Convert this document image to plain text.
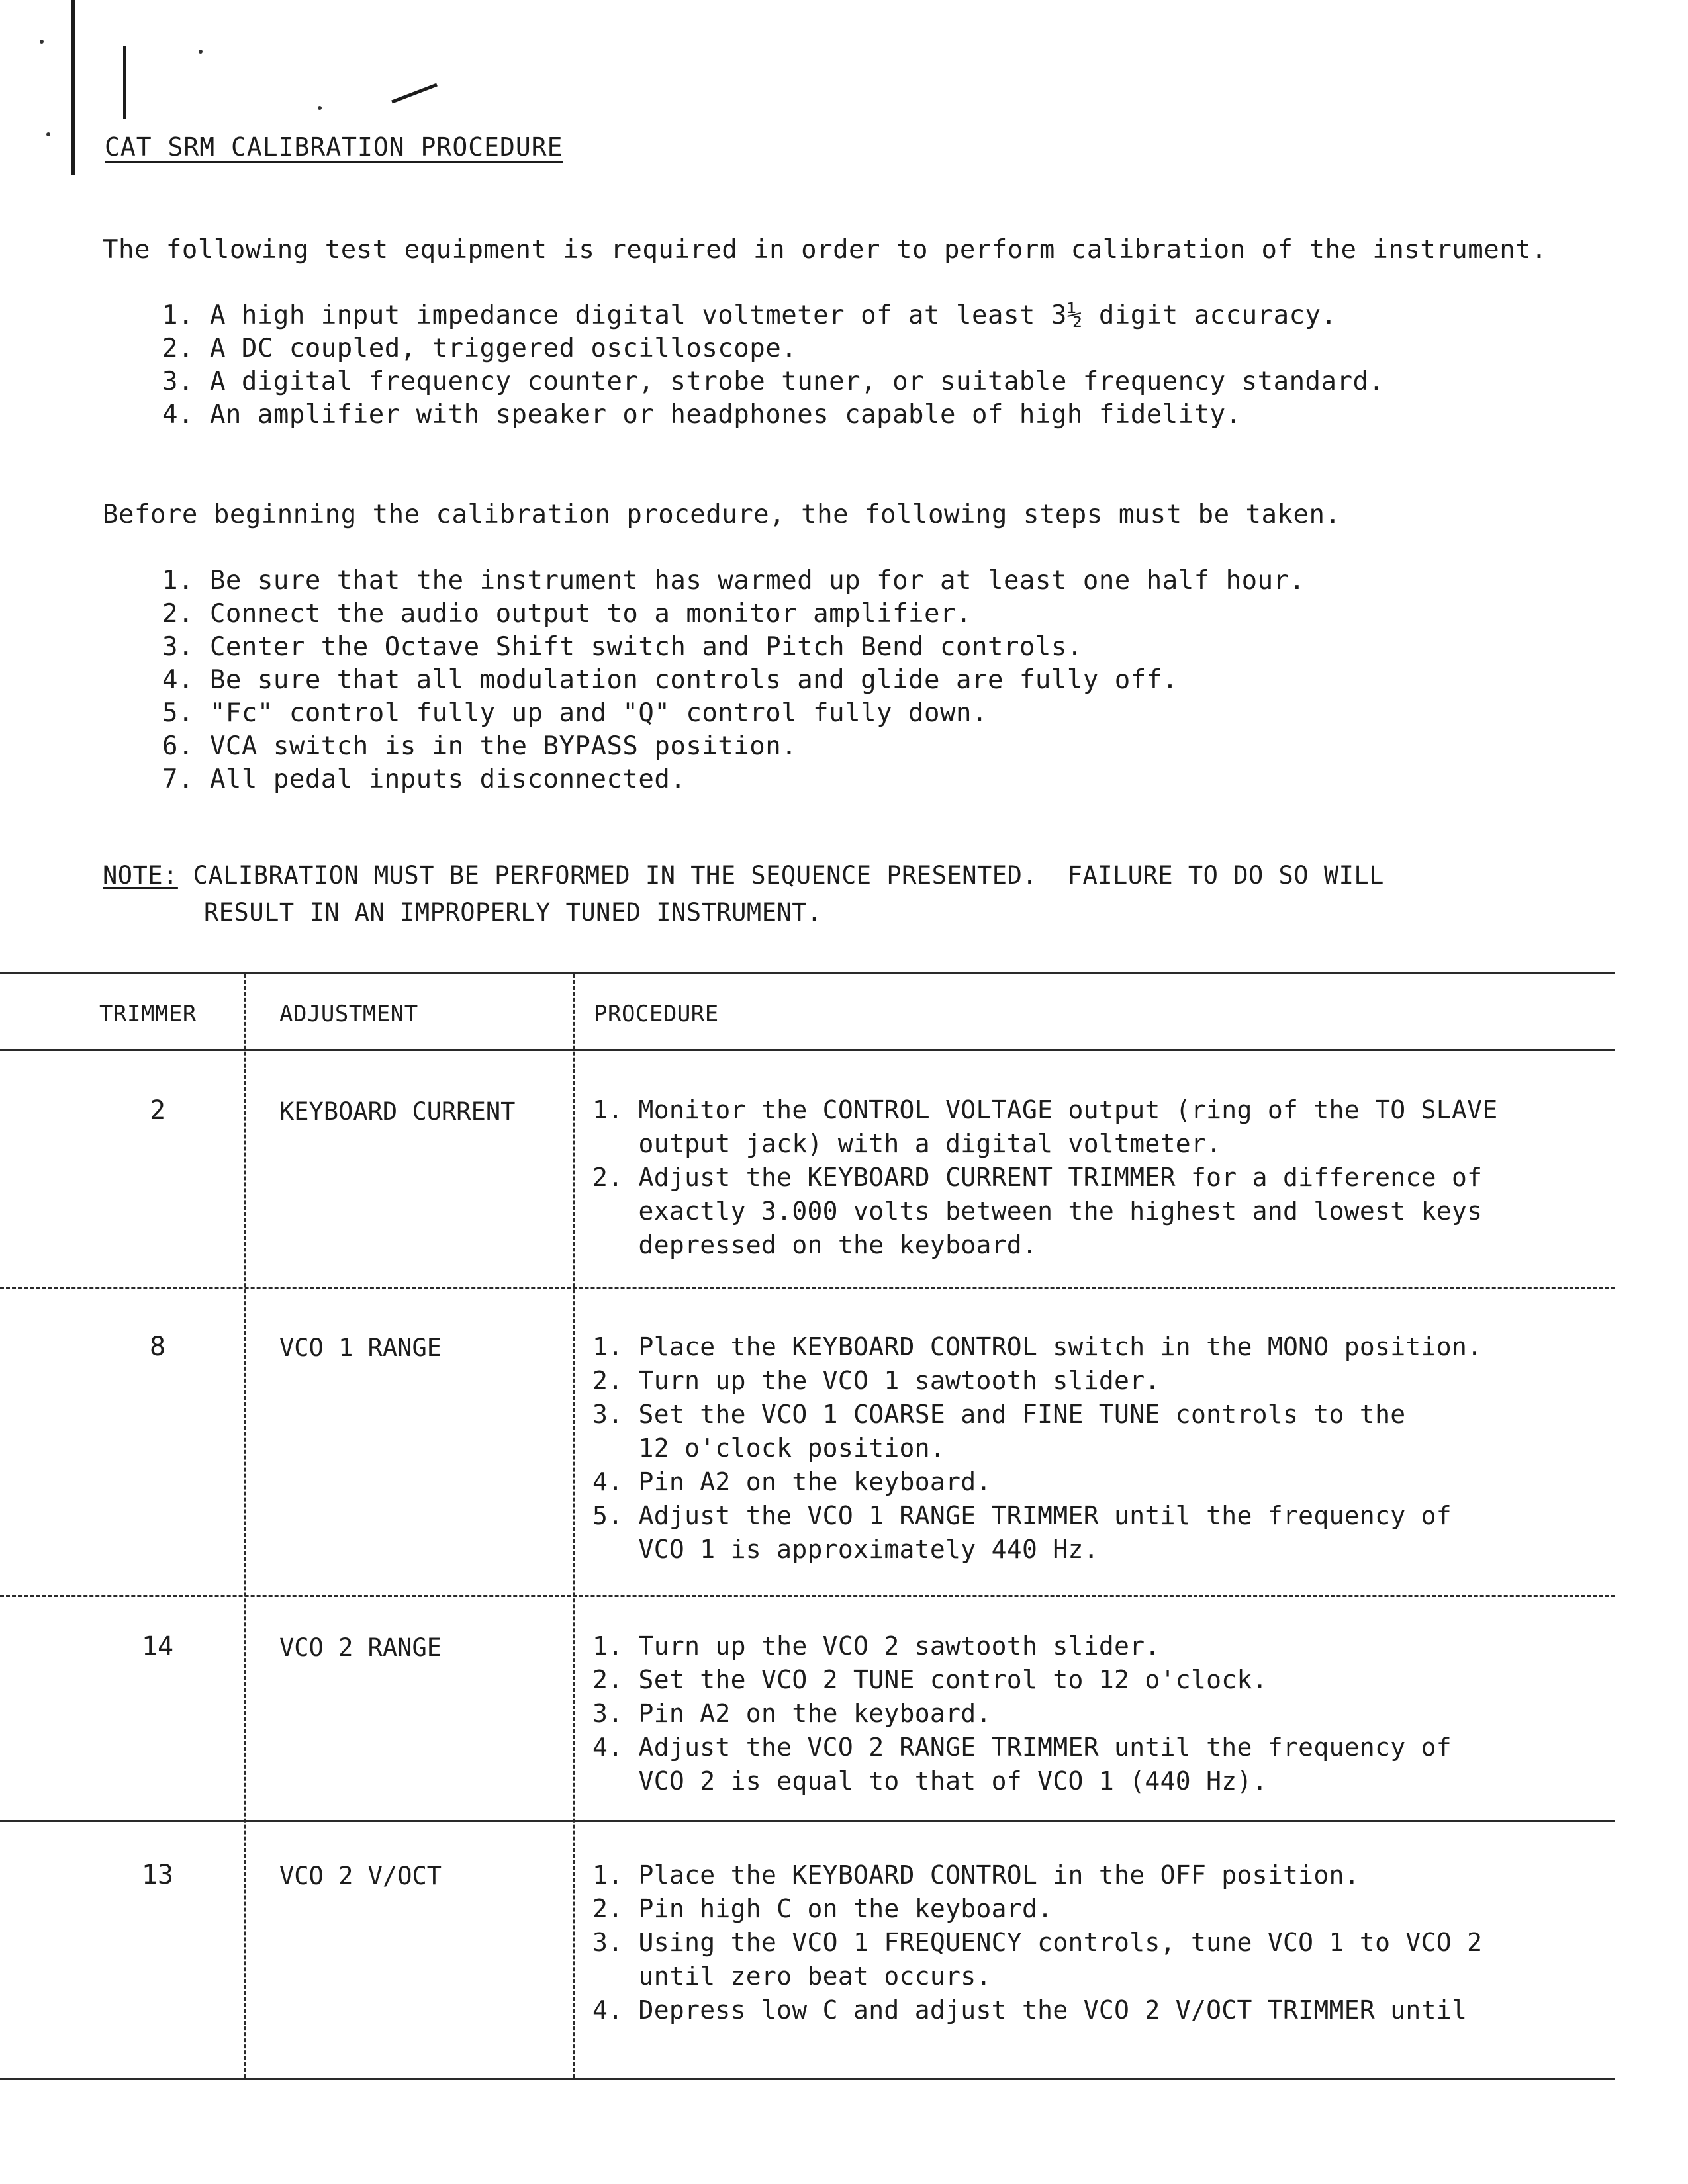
CAT SRM CALIBRATION PROCEDURE
The following test equipment is required in order to perform calibration of the instrument.
1. A high input impedance digital voltmeter of at least 3½ digit accuracy.
2. A DC coupled, triggered oscilloscope.
3. A digital frequency counter, strobe tuner, or suitable frequency standard.
4. An amplifier with speaker or headphones capable of high fidelity.
Before beginning the calibration procedure, the following steps must be taken.
1. Be sure that the instrument has warmed up for at least one half hour.
2. Connect the audio output to a monitor amplifier.
3. Center the Octave Shift switch and Pitch Bend controls.
4. Be sure that all modulation controls and glide are fully off.
5. "Fc" control fully up and "Q" control fully down.
6. VCA switch is in the BYPASS position.
7. All pedal inputs disconnected.
NOTE: CALIBRATION MUST BE PERFORMED IN THE SEQUENCE PRESENTED.  FAILURE TO DO SO WILL
RESULT IN AN IMPROPERLY TUNED INSTRUMENT.
TRIMMER	ADJUSTMENT	PROCEDURE
2	KEYBOARD CURRENT	1. Monitor the CONTROL VOLTAGE output (ring of the TO SLAVE
output jack) with a digital voltmeter.
2. Adjust the KEYBOARD CURRENT TRIMMER for a difference of
exactly 3.000 volts between the highest and lowest keys
depressed on the keyboard.
8	VCO 1 RANGE	1. Place the KEYBOARD CONTROL switch in the MONO position.
2. Turn up the VCO 1 sawtooth slider.
3. Set the VCO 1 COARSE and FINE TUNE controls to the
12 o'clock position.
4. Pin A2 on the keyboard.
5. Adjust the VCO 1 RANGE TRIMMER until the frequency of
VCO 1 is approximately 440 Hz.
14	VCO 2 RANGE	1. Turn up the VCO 2 sawtooth slider.
2. Set the VCO 2 TUNE control to 12 o'clock.
3. Pin A2 on the keyboard.
4. Adjust the VCO 2 RANGE TRIMMER until the frequency of
VCO 2 is equal to that of VCO 1 (440 Hz).
13	VCO 2 V/OCT	1. Place the KEYBOARD CONTROL in the OFF position.
2. Pin high C on the keyboard.
3. Using the VCO 1 FREQUENCY controls, tune VCO 1 to VCO 2
until zero beat occurs.
4. Depress low C and adjust the VCO 2 V/OCT TRIMMER until
